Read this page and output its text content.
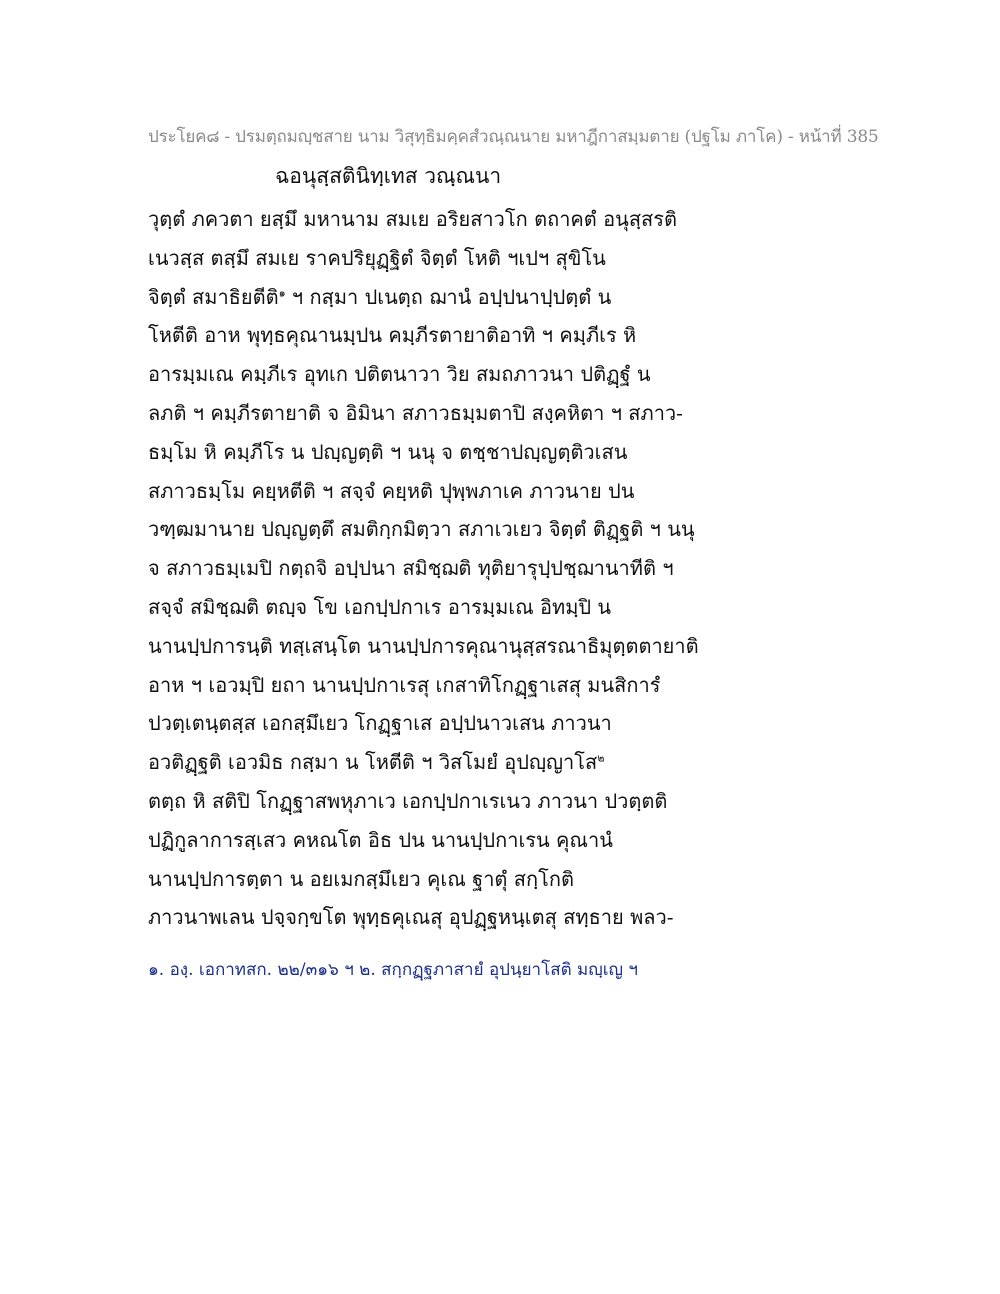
ประโยค๘ - ปรมตฺถมญฺชสาย นาม วิสุทฺธิมคฺคสํวณฺณนาย มหาฎีกาสมฺมตาย (ปฐโม ภาโค) - หน้าที่ 385
ฉอนุสฺสตินิทฺเทส วณฺณนา
วุตฺตํ ภควตา ยสฺมึ มหานาม สมเย อริยสาวโก ตถาคตํ อนุสฺสรติ
เนวสฺส ตสฺมึ สมเย ราคปริยุฏฺฐิตํ จิตฺตํ โหติ ฯเปฯ สุขิโน
จิตฺตํ สมาธิยตีติ$^๑$ ฯ กสฺมา ปเนตฺถ ฌานํ อปฺปนาปฺปตฺตํ น
โหตีติ อาห พุทฺธคุณานมฺปน คมฺภีรตายาติอาทิ ฯ คมฺภีเร หิ
อารมฺมเณ คมฺภีเร อุทเก ปติตนาวา วิย สมถภาวนา ปติฏฺฐํ น
ลภติ ฯ คมฺภีรตายาติ จ อิมินา สภาวธมฺมตาปิ สงฺคหิตา ฯ สภาว-
ธมฺโม หิ คมฺภีโร น ปญฺญตฺติ ฯ นนุ จ ตชฺชาปญฺญตฺติวเสน
สภาวธมฺโม คยฺหตีติ ฯ สจฺจํ คยฺหติ ปุพฺพภาเค ภาวนาย ปน
วฑฺฒมานาย ปญฺญตฺตึ สมติกฺกมิตฺวา สภาเวเยว จิตฺตํ ติฏฺฐติ ฯ นนุ
จ สภาวธมฺเมปิ กตฺถจิ อปฺปนา สมิชฺฌติ ทุติยารุปฺปชฺฌานาทีติ ฯ
สจฺจํ สมิชฺฌติ ตญฺจ โข เอกปฺปกาเร อารมฺมเณ อิทมฺปิ น
นานปฺปการนฺติ ทสฺเสนฺโต นานปฺปการคุณานุสฺสรณาธิมุตฺตตายาติ
อาห ฯ เอวมฺปิ ยถา นานปฺปกาเรสุ เกสาทิโกฏฺฐาเสสุ มนสิการํ
ปวตฺเตนฺตสฺส เอกสฺมึเยว โกฏฺฐาเส อปฺปนาวเสน ภาวนา
อวติฏฺฐติ เอวมิธ กสฺมา น โหตีติ ฯ วิสโมยํ อุปญฺญาโส$^๒$
ตตฺถ หิ สติปิ โกฏฺฐาสพหุภาเว เอกปฺปกาเรเนว ภาวนา ปวตฺตติ
ปฏิกูลาการสฺเสว คหณโต อิธ ปน นานปฺปกาเรน คุณานํ
นานปฺปการตฺตา น อยเมกสฺมึเยว คุเณ ฐาตุํ สกฺโกติ
ภาวนาพเลน ปจฺจกฺขโต พุทฺธคุเณสุ อุปฏฺฐหนฺเตสุ สทฺธาย พลว-
๑. องฺ. เอกาทสก. ๒๒/๓๑๖ ฯ ๒. สกฺกฏฺฐภาสายํ อุปนฺยาโสติ มญฺเญ ฯ
